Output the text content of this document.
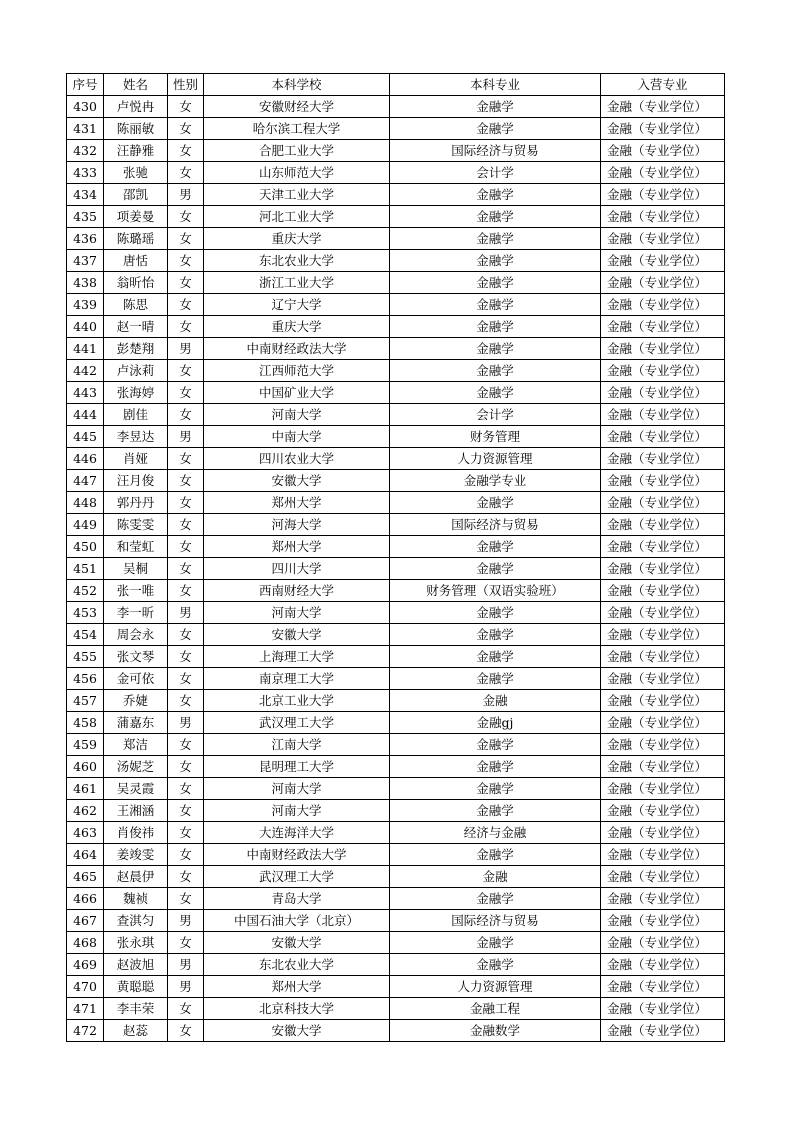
序号	姓名	性别	本科学校	本科专业	入营专业
430	卢悦冉	女	安徽财经大学	金融学	金融（专业学位）
431	陈丽敏	女	哈尔滨工程大学	金融学	金融（专业学位）
432	汪静雅	女	合肥工业大学	国际经济与贸易	金融（专业学位）
433	张驰	女	山东师范大学	会计学	金融（专业学位）
434	邵凯	男	天津工业大学	金融学	金融（专业学位）
435	项姜曼	女	河北工业大学	金融学	金融（专业学位）
436	陈璐瑶	女	重庆大学	金融学	金融（专业学位）
437	唐恬	女	东北农业大学	金融学	金融（专业学位）
438	翁昕怡	女	浙江工业大学	金融学	金融（专业学位）
439	陈思	女	辽宁大学	金融学	金融（专业学位）
440	赵一晴	女	重庆大学	金融学	金融（专业学位）
441	彭楚翔	男	中南财经政法大学	金融学	金融（专业学位）
442	卢泳莉	女	江西师范大学	金融学	金融（专业学位）
443	张海婷	女	中国矿业大学	金融学	金融（专业学位）
444	剧佳	女	河南大学	会计学	金融（专业学位）
445	李昱达	男	中南大学	财务管理	金融（专业学位）
446	肖娅	女	四川农业大学	人力资源管理	金融（专业学位）
447	汪月俊	女	安徽大学	金融学专业	金融（专业学位）
448	郭丹丹	女	郑州大学	金融学	金融（专业学位）
449	陈雯雯	女	河海大学	国际经济与贸易	金融（专业学位）
450	和莹虹	女	郑州大学	金融学	金融（专业学位）
451	吴桐	女	四川大学	金融学	金融（专业学位）
452	张一唯	女	西南财经大学	财务管理（双语实验班）	金融（专业学位）
453	李一昕	男	河南大学	金融学	金融（专业学位）
454	周会永	女	安徽大学	金融学	金融（专业学位）
455	张文琴	女	上海理工大学	金融学	金融（专业学位）
456	金可依	女	南京理工大学	金融学	金融（专业学位）
457	乔婕	女	北京工业大学	金融	金融（专业学位）
458	蒲嘉东	男	武汉理工大学	金融gj	金融（专业学位）
459	郑洁	女	江南大学	金融学	金融（专业学位）
460	汤妮芝	女	昆明理工大学	金融学	金融（专业学位）
461	吴灵霞	女	河南大学	金融学	金融（专业学位）
462	王湘涵	女	河南大学	金融学	金融（专业学位）
463	肖俊祎	女	大连海洋大学	经济与金融	金融（专业学位）
464	姜竣雯	女	中南财经政法大学	金融学	金融（专业学位）
465	赵晨伊	女	武汉理工大学	金融	金融（专业学位）
466	魏祯	女	青岛大学	金融学	金融（专业学位）
467	查淇匀	男	中国石油大学（北京）	国际经济与贸易	金融（专业学位）
468	张永琪	女	安徽大学	金融学	金融（专业学位）
469	赵波旭	男	东北农业大学	金融学	金融（专业学位）
470	黄聪聪	男	郑州大学	人力资源管理	金融（专业学位）
471	李丰荣	女	北京科技大学	金融工程	金融（专业学位）
472	赵蕊	女	安徽大学	金融数学	金融（专业学位）
